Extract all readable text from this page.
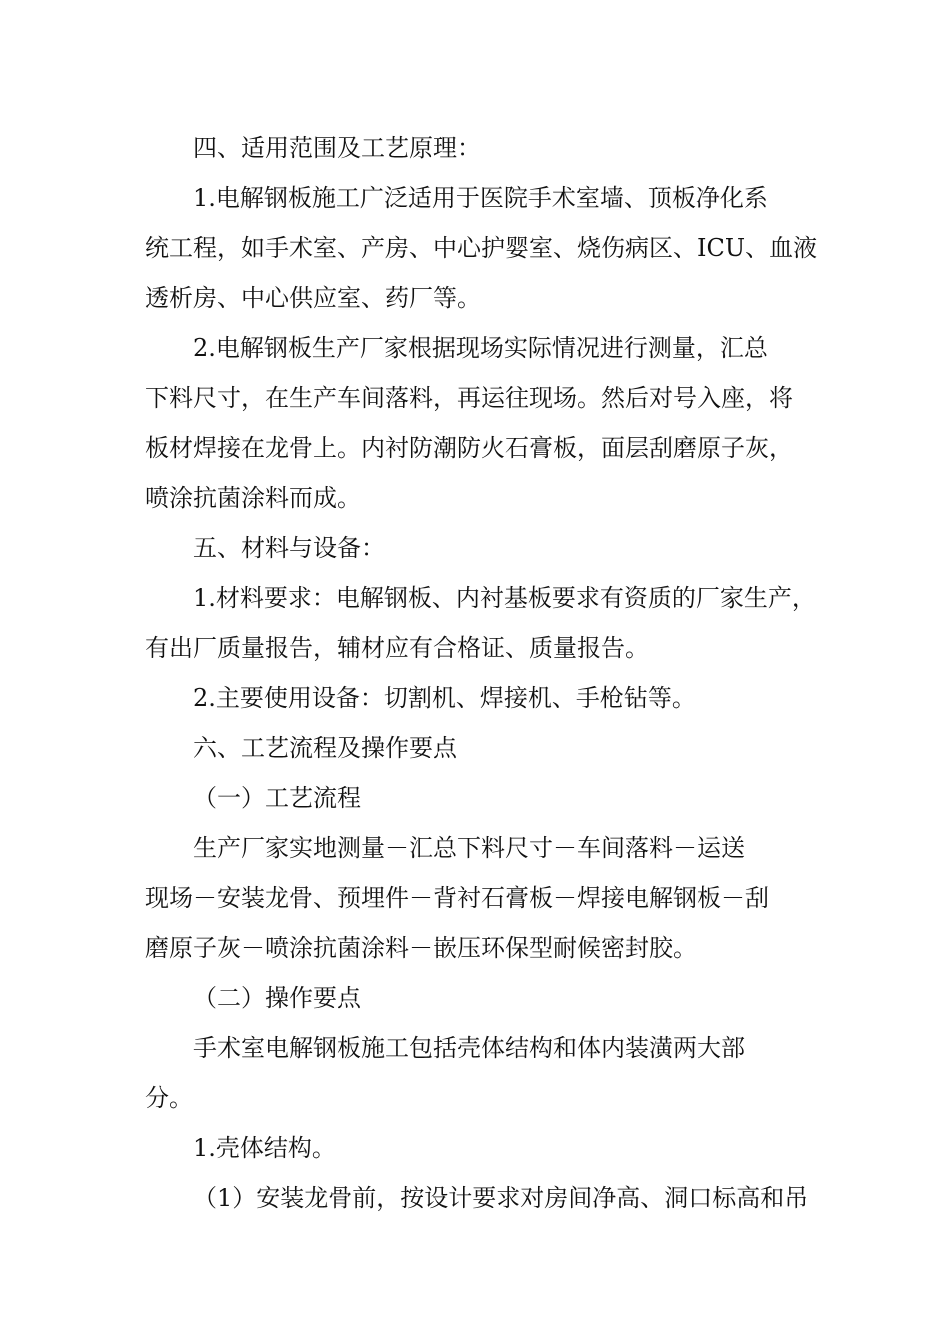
四、适用范围及工艺原理：
1.电解钢板施工广泛适用于医院手术室墙、顶板净化系
统工程，如手术室、产房、中心护婴室、烧伤病区、ICU、血液
透析房、中心供应室、药厂等。
2.电解钢板生产厂家根据现场实际情况进行测量，汇总
下料尺寸，在生产车间落料，再运往现场。然后对号入座，将
板材焊接在龙骨上。内衬防潮防火石膏板，面层刮磨原子灰，
喷涂抗菌涂料而成。
五、材料与设备：
1.材料要求：电解钢板、内衬基板要求有资质的厂家生产，
有出厂质量报告，辅材应有合格证、质量报告。
2.主要使用设备：切割机、焊接机、手枪钻等。
六、工艺流程及操作要点
（一）工艺流程
生产厂家实地测量－汇总下料尺寸－车间落料－运送
现场－安装龙骨、预埋件－背衬石膏板－焊接电解钢板－刮
磨原子灰－喷涂抗菌涂料－嵌压环保型耐候密封胶。
（二）操作要点
手术室电解钢板施工包括壳体结构和体内装潢两大部
分。
1.壳体结构。
（1）安装龙骨前，按设计要求对房间净高、洞口标高和吊
